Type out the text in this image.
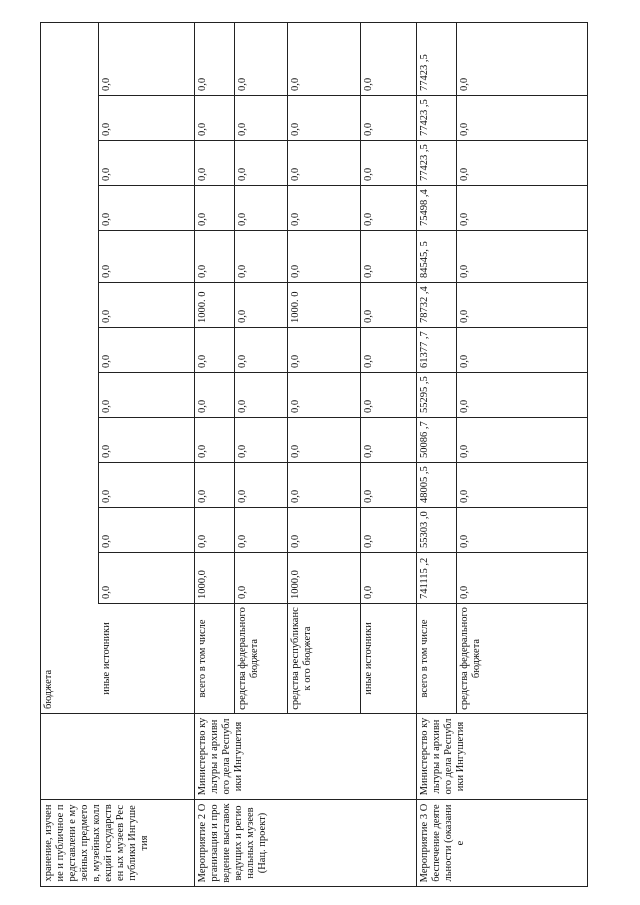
хранение, изучение и публичное представлени е музейных предметов, музейных коллекций государствен ых музеев Республики Ингушетия		бюджета												
		иные источники	0,0	0,0	0,0	0,0	0,0	0,0	0,0	0,0	0,0	0,0	0,0	0,0
Мероприятие 2 Организация и проведение выставок ведущих и региональных музеев (Нац. проект)	Министерство культуры и архивного дела Республики Ингушетия	всего в том числе	1000,0	0,0	0,0	0,0	0,0	0,0	1000. 0	0,0	0,0	0,0	0,0	0,0
		средства федерального бюджета	0,0	0,0	0,0	0,0	0,0	0,0	0,0	0,0	0,0	0,0	0,0	0,0
		средства республиканск ого бюджета	1000,0	0,0	0,0	0,0	0,0	0,0	1000. 0	0,0	0,0	0,0	0,0	0,0
		иные источники	0,0	0,0	0,0	0,0	0,0	0,0	0,0	0,0	0,0	0,0	0,0	0,0
Мероприятие 3 Обеспечение деятельности (оказание	Министерство культуры и архивного дела Республики Ингушетия	всего в том числе	741115 ,2	55303 ,0	48005 ,5	50086 ,7	55295 ,5	61377 ,7	78732 ,4	84545, 5	75498 ,4	77423 ,5	77423 ,5	77423 ,5
		средства федерального бюджета	0,0	0,0	0,0	0,0	0,0	0,0	0,0	0,0	0,0	0,0	0,0	0,0
